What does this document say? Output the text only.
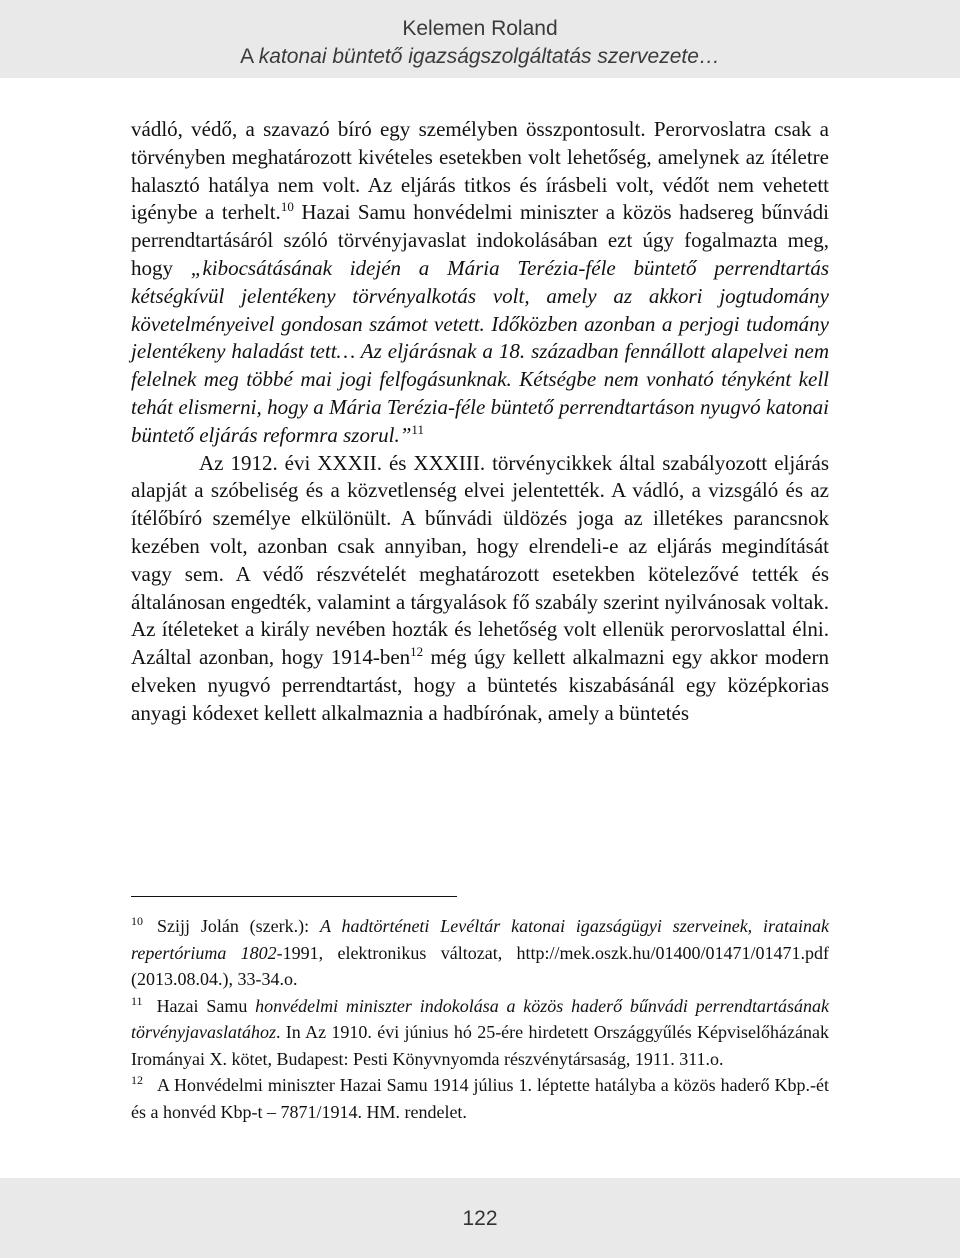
Kelemen Roland
A katonai büntető igazságszolgáltatás szervezete…

vádló, védő, a szavazó bíró egy személyben összpontosult. Perorvoslatra csak a törvényben meghatározott kivételes esetekben volt lehetőség, amelynek az ítéletre halasztó hatálya nem volt. Az eljárás titkos és írásbeli volt, védőt nem vehetett igénybe a terhelt.$^{10}$ Hazai Samu honvédelmi miniszter a közös hadsereg bűnvádi perrendtartásáról szóló törvényjavaslat indokolásában ezt úgy fogalmazta meg, hogy „kibocsátásának idején a Mária Terézia-féle büntető perrendtartás kétségkívül jelentékeny törvényalkotás volt, amely az akkori jogtudomány követelményeivel gondosan számot vetett. Időközben azonban a perjogi tudomány jelentékeny haladást tett… Az eljárásnak a 18. században fennállott alapelvei nem felelnek meg többé mai jogi felfogásunknak. Kétségbe nem vonható tényként kell tehát elismerni, hogy a Mária Terézia-féle büntető perrendtartáson nyugvó katonai büntető eljárás reformra szorul.”$^{11}$

Az 1912. évi XXXII. és XXXIII. törvénycikkek által szabályozott eljárás alapját a szóbeliség és a közvetlenség elvei jelentették. A vádló, a vizsgáló és az ítélőbíró személye elkülönült. A bűnvádi üldözés joga az illetékes parancsnok kezében volt, azonban csak annyiban, hogy elrendeli-e az eljárás megindítását vagy sem. A védő részvételét meghatározott esetekben kötelezővé tették és általánosan engedték, valamint a tárgyalások fő szabály szerint nyilvánosak voltak. Az ítéleteket a király nevében hozták és lehetőség volt ellenük perorvoslattal élni. Azáltal azonban, hogy 1914-ben$^{12}$ még úgy kellett alkalmazni egy akkor modern elveken nyugvó perrendtartást, hogy a büntetés kiszabásánál egy középkorias anyagi kódexet kellett alkalmaznia a hadbírónak, amely a büntetés

$^{10}$ Szijj Jolán (szerk.): A hadtörténeti Levéltár katonai igazságügyi szerveinek, iratainak repertóriuma 1802-1991, elektronikus változat, http://mek.oszk.hu/01400/01471/01471.pdf (2013.08.04.), 33-34.o.

$^{11}$ Hazai Samu honvédelmi miniszter indokolása a közös haderő bűnvádi perrendtartásának törvényjavaslatához. In Az 1910. évi június hó 25-ére hirdetett Országgyűlés Képviselőházának Irományai X. kötet, Budapest: Pesti Könyvnyomda részvénytársaság, 1911. 311.o.

$^{12}$ A Honvédelmi miniszter Hazai Samu 1914 július 1. léptette hatályba a közös haderő Kbp.-ét és a honvéd Kbp-t – 7871/1914. HM. rendelet.

122
